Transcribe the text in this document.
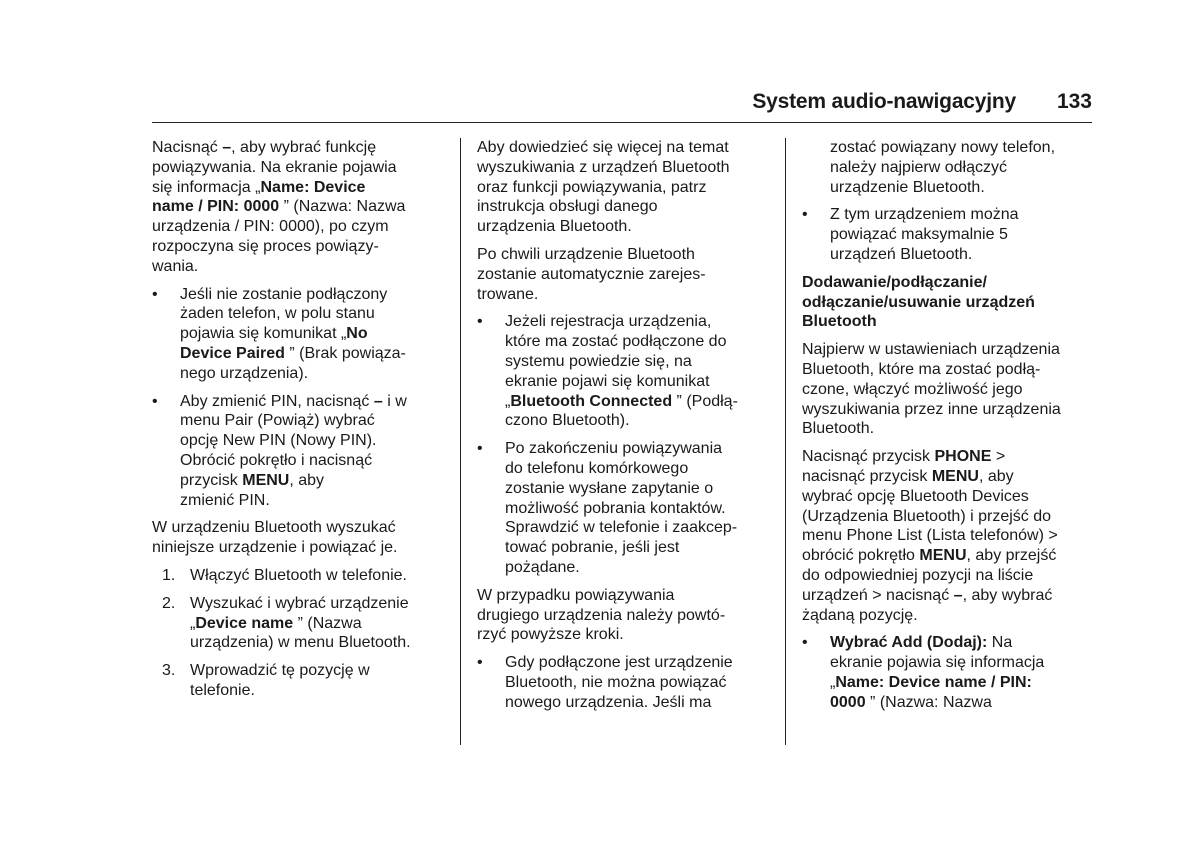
System audio-nawigacyjny 133
Nacisnąć –, aby wybrać funkcję
powiązywania. Na ekranie pojawia
się informacja „Name: Device
name / PIN: 0000 ” (Nazwa: Nazwa
urządzenia / PIN: 0000), po czym
rozpoczyna się proces powiązy-
wania.
• Jeśli nie zostanie podłączony
żaden telefon, w polu stanu
pojawia się komunikat „No
Device Paired ” (Brak powiąza-
nego urządzenia).
• Aby zmienić PIN, nacisnąć – i w
menu Pair (Powiąż) wybrać
opcję New PIN (Nowy PIN).
Obrócić pokrętło i nacisnąć
przycisk MENU, aby
zmienić PIN.
W urządzeniu Bluetooth wyszukać
niniejsze urządzenie i powiązać je.
1. Włączyć Bluetooth w telefonie.
2. Wyszukać i wybrać urządzenie
„Device name ” (Nazwa
urządzenia) w menu Bluetooth.
3. Wprowadzić tę pozycję w
telefonie.
Aby dowiedzieć się więcej na temat
wyszukiwania z urządzeń Bluetooth
oraz funkcji powiązywania, patrz
instrukcja obsługi danego
urządzenia Bluetooth.
Po chwili urządzenie Bluetooth
zostanie automatycznie zarejes-
trowane.
• Jeżeli rejestracja urządzenia,
które ma zostać podłączone do
systemu powiedzie się, na
ekranie pojawi się komunikat
„Bluetooth Connected ” (Podłą-
czono Bluetooth).
• Po zakończeniu powiązywania
do telefonu komórkowego
zostanie wysłane zapytanie o
możliwość pobrania kontaktów.
Sprawdzić w telefonie i zaakcep-
tować pobranie, jeśli jest
pożądane.
W przypadku powiązywania
drugiego urządzenia należy powtó-
rzyć powyższe kroki.
• Gdy podłączone jest urządzenie
Bluetooth, nie można powiązać
nowego urządzenia. Jeśli ma
zostać powiązany nowy telefon,
należy najpierw odłączyć
urządzenie Bluetooth.
• Z tym urządzeniem można
powiązać maksymalnie 5
urządzeń Bluetooth.
Dodawanie/podłączanie/
odłączanie/usuwanie urządzeń
Bluetooth
Najpierw w ustawieniach urządzenia
Bluetooth, które ma zostać podłą-
czone, włączyć możliwość jego
wyszukiwania przez inne urządzenia
Bluetooth.
Nacisnąć przycisk PHONE >
nacisnąć przycisk MENU, aby
wybrać opcję Bluetooth Devices
(Urządzenia Bluetooth) i przejść do
menu Phone List (Lista telefonów) >
obrócić pokrętło MENU, aby przejść
do odpowiedniej pozycji na liście
urządzeń > nacisnąć –, aby wybrać
żądaną pozycję.
• Wybrać Add (Dodaj): Na
ekranie pojawia się informacja
„Name: Device name / PIN:
0000 ” (Nazwa: Nazwa
